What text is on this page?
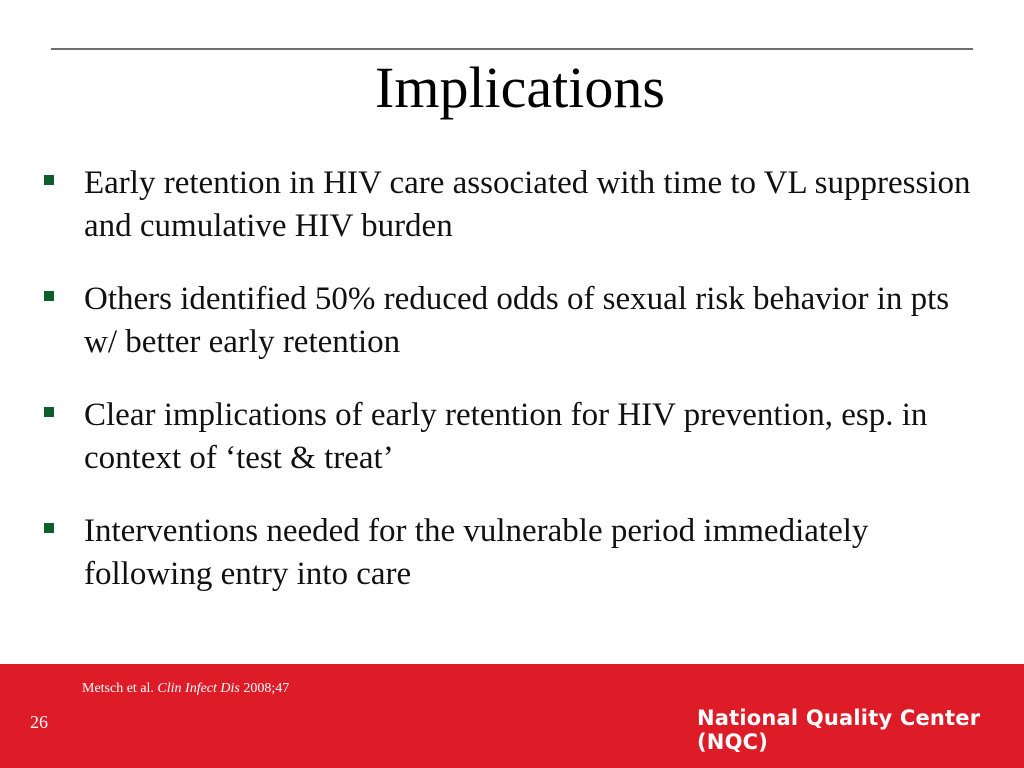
Implications
Early retention in HIV care associated with time to VL suppression and cumulative HIV burden
Others identified 50% reduced odds of sexual risk behavior in pts w/ better early retention
Clear implications of early retention for HIV prevention, esp. in context of ‘test & treat’
Interventions needed for the vulnerable period immediately following entry into care
Metsch et al. Clin Infect Dis 2008;47
26	National Quality Center (NQC)
